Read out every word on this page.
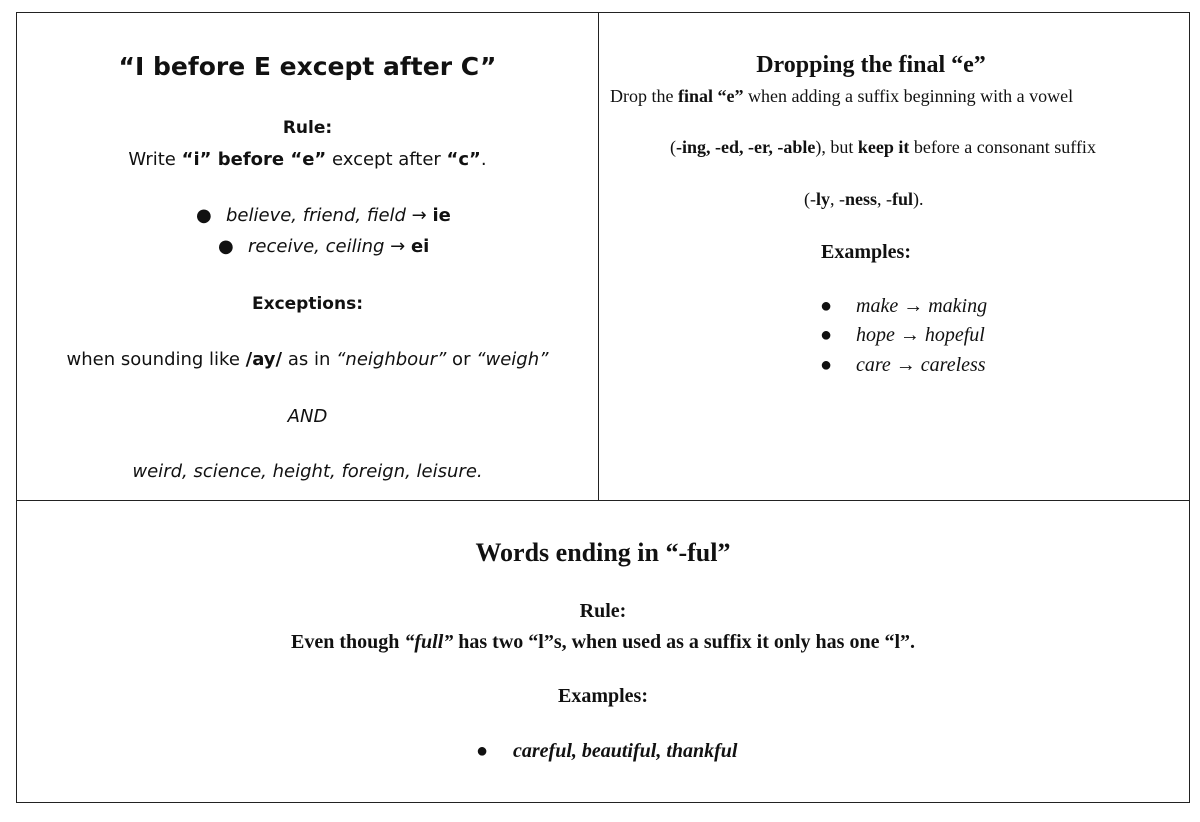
“I before E except after C”
Rule:
Write “i” before “e” except after “c”.
● believe, friend, field → ie
● receive, ceiling → ei
Exceptions:
when sounding like /ay/ as in “neighbour” or “weigh”
AND
weird, science, height, foreign, leisure.
Dropping the final “e”
Drop the final “e” when adding a suffix beginning with a vowel
(-ing, -ed, -er, -able), but keep it before a consonant suffix
(-ly, -ness, -ful).
Examples:
● make → making
● hope → hopeful
● care → careless
Words ending in “-ful”
Rule:
Even though “full” has two “l”s, when used as a suffix it only has one “l”.
Examples:
● careful, beautiful, thankful
